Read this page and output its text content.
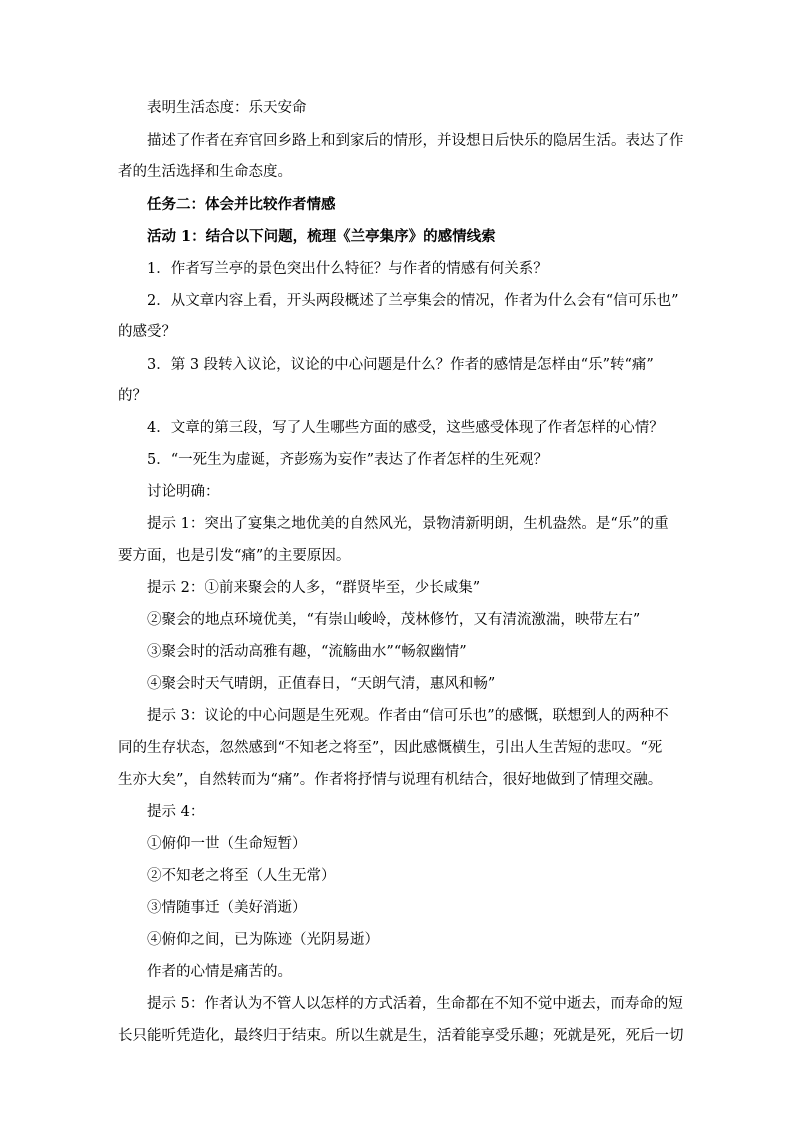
表明生活态度：乐天安命
描述了作者在弃官回乡路上和到家后的情形，并设想日后快乐的隐居生活。表达了作
者的生活选择和生命态度。
任务二：体会并比较作者情感
活动 1：结合以下问题，梳理《兰亭集序》的感情线索
1．作者写兰亭的景色突出什么特征？与作者的情感有何关系？
2．从文章内容上看，开头两段概述了兰亭集会的情况，作者为什么会有“信可乐也”
的感受？
3．第 3 段转入议论，议论的中心问题是什么？作者的感情是怎样由“乐”转“痛”
的？
4．文章的第三段，写了人生哪些方面的感受，这些感受体现了作者怎样的心情？
5．“一死生为虚诞，齐彭殇为妄作”表达了作者怎样的生死观？
讨论明确：
提示 1：突出了宴集之地优美的自然风光，景物清新明朗，生机盎然。是“乐”的重
要方面，也是引发“痛”的主要原因。
提示 2：①前来聚会的人多，“群贤毕至，少长咸集”
②聚会的地点环境优美，“有崇山峻岭，茂林修竹，又有清流激湍，映带左右”
③聚会时的活动高雅有趣，“流觞曲水”“畅叙幽情”
④聚会时天气晴朗，正值春日，“天朗气清，惠风和畅”
提示 3：议论的中心问题是生死观。作者由“信可乐也”的感慨，联想到人的两种不
同的生存状态，忽然感到“不知老之将至”，因此感慨横生，引出人生苦短的悲叹。“死
生亦大矣”，自然转而为“痛”。作者将抒情与说理有机结合，很好地做到了情理交融。
提示 4：
①俯仰一世（生命短暂）
②不知老之将至（人生无常）
③情随事迁（美好消逝）
④俯仰之间，已为陈迹（光阴易逝）
作者的心情是痛苦的。
提示 5：作者认为不管人以怎样的方式活着，生命都在不知不觉中逝去，而寿命的短
长只能听凭造化，最终归于结束。所以生就是生，活着能享受乐趣；死就是死，死后一切
